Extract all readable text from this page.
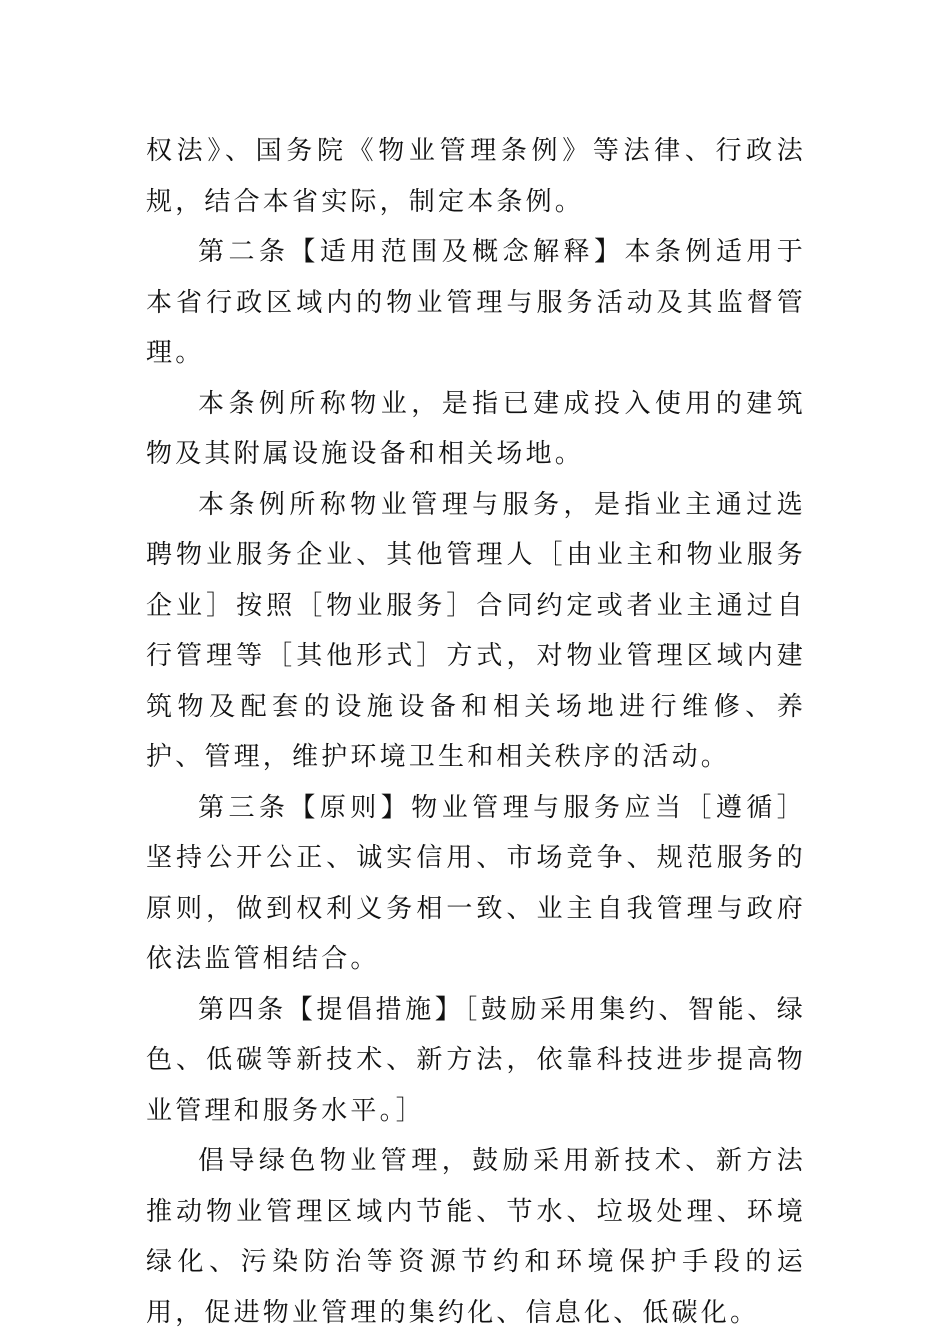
权法》、国务院《物业管理条例》等法律、行政法规，结合本省实际，制定本条例。

第二条【适用范围及概念解释】本条例适用于本省行政区域内的物业管理与服务活动及其监督管理。

本条例所称物业，是指已建成投入使用的建筑物及其附属设施设备和相关场地。

本条例所称物业管理与服务，是指业主通过选聘物业服务企业、其他管理人［由业主和物业服务企业］按照［物业服务］合同约定或者业主通过自行管理等［其他形式］方式，对物业管理区域内建筑物及配套的设施设备和相关场地进行维修、养护、管理，维护环境卫生和相关秩序的活动。

第三条【原则】物业管理与服务应当［遵循］坚持公开公正、诚实信用、市场竞争、规范服务的原则，做到权利义务相一致、业主自我管理与政府依法监管相结合。

第四条【提倡措施】［鼓励采用集约、智能、绿色、低碳等新技术、新方法，依靠科技进步提高物业管理和服务水平。］

倡导绿色物业管理，鼓励采用新技术、新方法推动物业管理区域内节能、节水、垃圾处理、环境绿化、污染防治等资源节约和环境保护手段的运用，促进物业管理的集约化、信息化、低碳化。
